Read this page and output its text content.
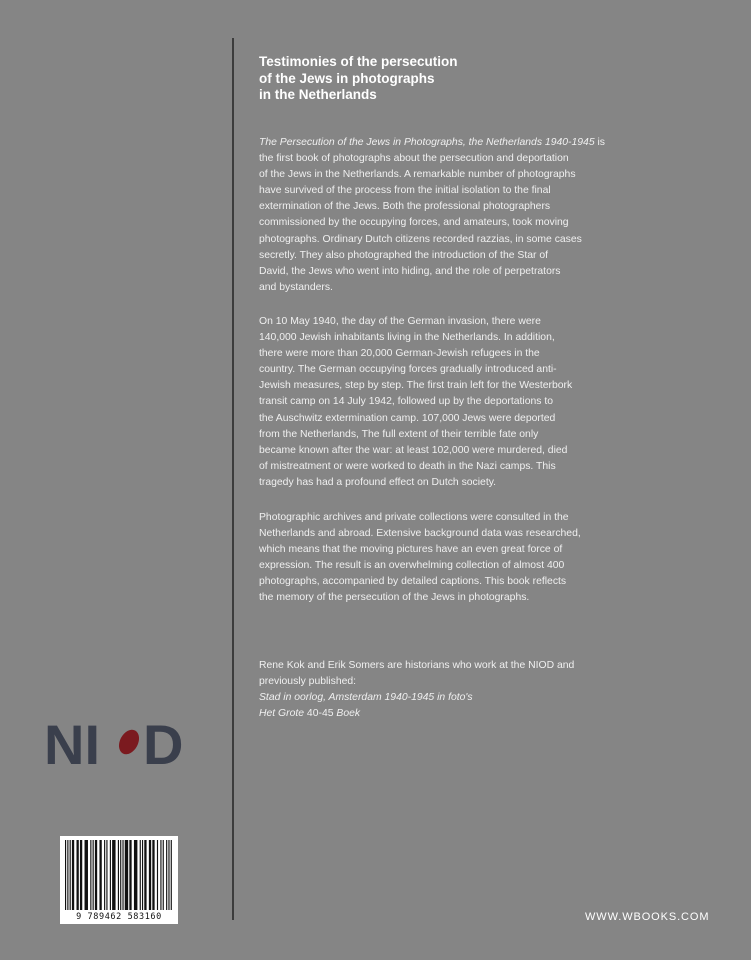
Testimonies of the persecution
of the Jews in photographs
in the Netherlands
The Persecution of the Jews in Photographs, the Netherlands 1940-1945 is
the first book of photographs about the persecution and deportation
of the Jews in the Netherlands. A remarkable number of photographs
have survived of the process from the initial isolation to the final
extermination of the Jews. Both the professional photographers
commissioned by the occupying forces, and amateurs, took moving
photographs. Ordinary Dutch citizens recorded razzias, in some cases
secretly. They also photographed the introduction of the Star of
David, the Jews who went into hiding, and the role of perpetrators
and bystanders.
On 10 May 1940, the day of the German invasion, there were
140,000 Jewish inhabitants living in the Netherlands. In addition,
there were more than 20,000 German-Jewish refugees in the
country. The German occupying forces gradually introduced anti-
Jewish measures, step by step. The first train left for the Westerbork
transit camp on 14 July 1942, followed up by the deportations to
the Auschwitz extermination camp. 107,000 Jews were deported
from the Netherlands, The full extent of their terrible fate only
became known after the war: at least 102,000 were murdered, died
of mistreatment or were worked to death in the Nazi camps. This
tragedy has had a profound effect on Dutch society.
Photographic archives and private collections were consulted in the
Netherlands and abroad. Extensive background data was researched,
which means that the moving pictures have an even great force of
expression. The result is an overwhelming collection of almost 400
photographs, accompanied by detailed captions. This book reflects
the memory of the persecution of the Jews in photographs.
Rene Kok and Erik Somers are historians who work at the NIOD and
previously published:
Stad in oorlog, Amsterdam 1940-1945 in foto's
Het Grote 40-45 Boek
NI D
9 789462 583160	WWW.WBOOKS.COM
